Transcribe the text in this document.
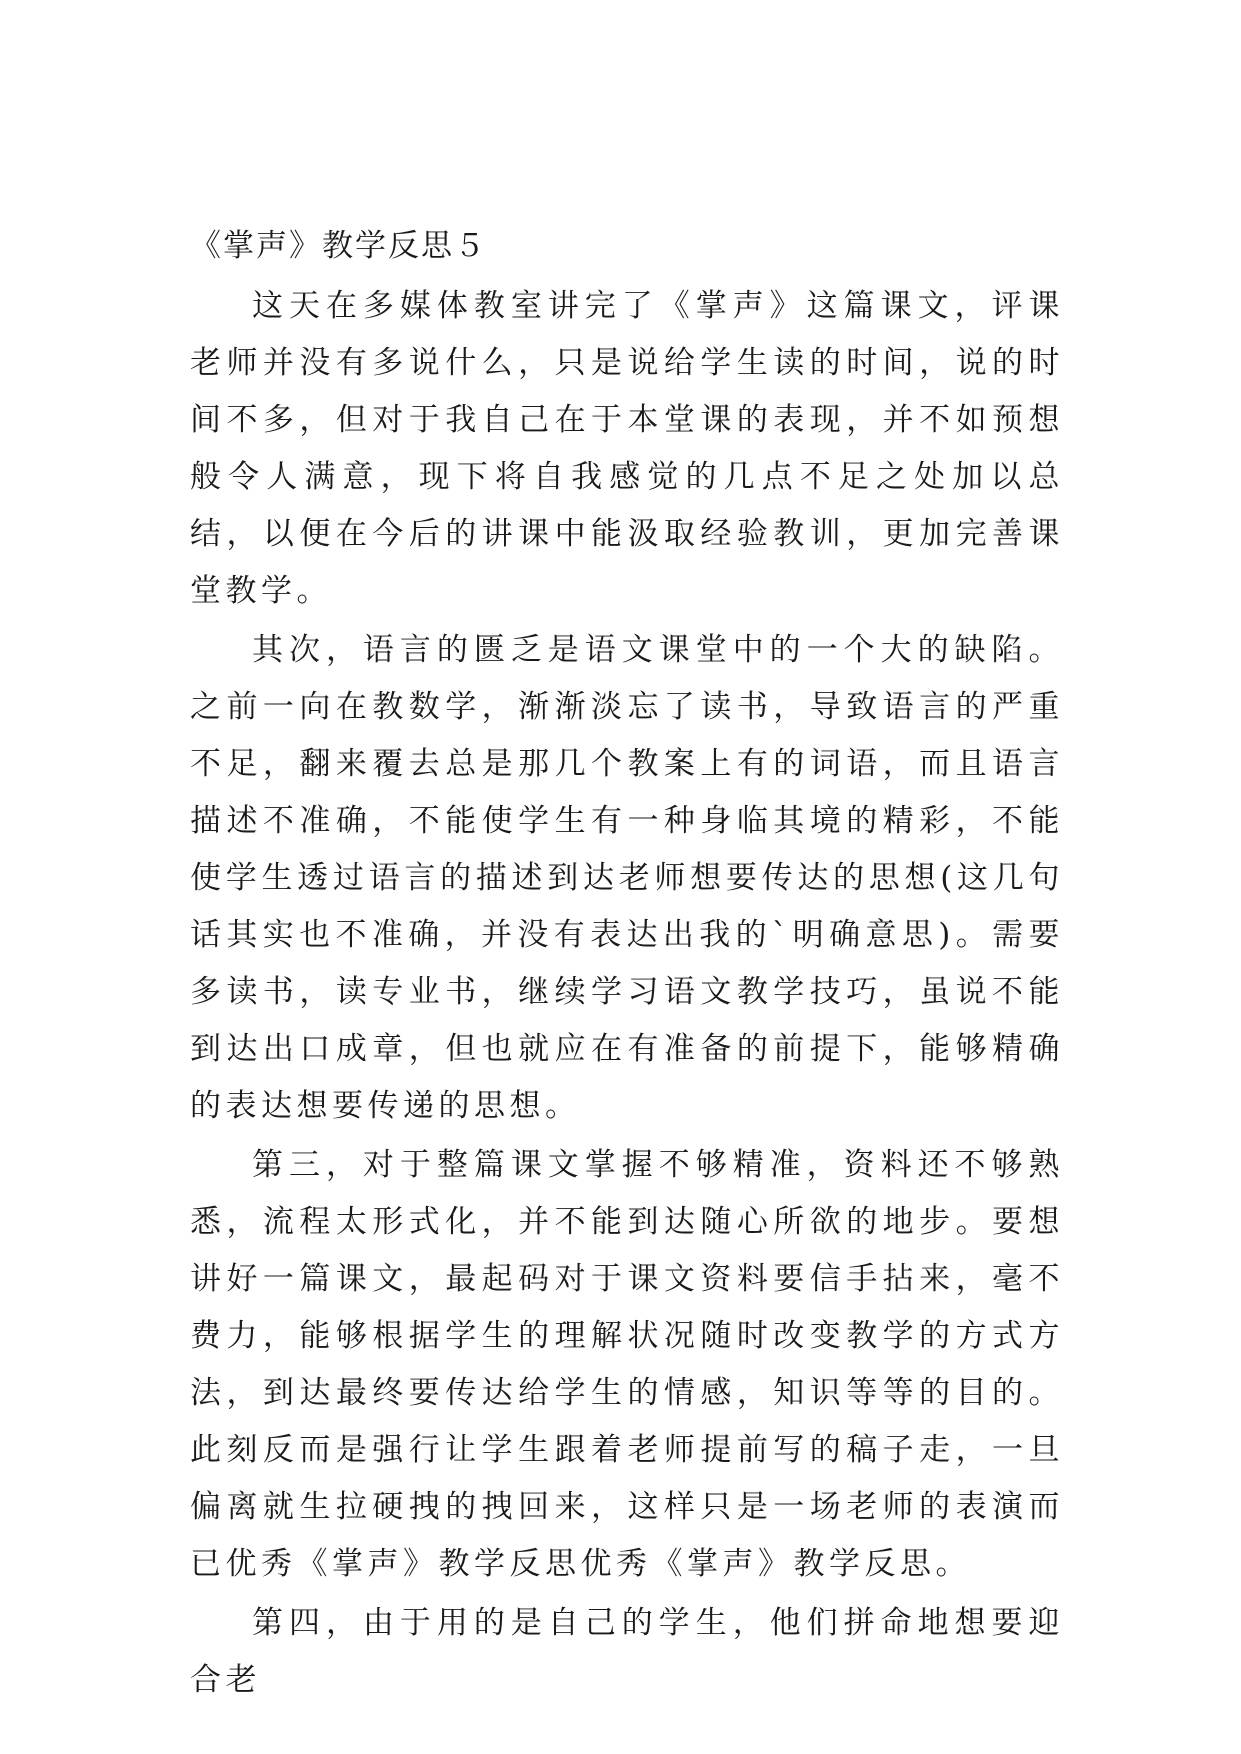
《掌声》教学反思５

这天在多媒体教室讲完了《掌声》这篇课文，评课老师并没有多说什么，只是说给学生读的时间，说的时间不多，但对于我自己在于本堂课的表现，并不如预想般令人满意，现下将自我感觉的几点不足之处加以总结，以便在今后的讲课中能汲取经验教训，更加完善课堂教学。

其次，语言的匮乏是语文课堂中的一个大的缺陷。之前一向在教数学，渐渐淡忘了读书，导致语言的严重不足，翻来覆去总是那几个教案上有的词语，而且语言描述不准确，不能使学生有一种身临其境的精彩，不能使学生透过语言的描述到达老师想要传达的思想(这几句话其实也不准确，并没有表达出我的`明确意思)。需要多读书，读专业书，继续学习语文教学技巧，虽说不能到达出口成章，但也就应在有准备的前提下，能够精确的表达想要传递的思想。

第三，对于整篇课文掌握不够精准，资料还不够熟悉，流程太形式化，并不能到达随心所欲的地步。要想讲好一篇课文，最起码对于课文资料要信手拈来，毫不费力，能够根据学生的理解状况随时改变教学的方式方法，到达最终要传达给学生的情感，知识等等的目的。此刻反而是强行让学生跟着老师提前写的稿子走，一旦偏离就生拉硬拽的拽回来，这样只是一场老师的表演而已优秀《掌声》教学反思优秀《掌声》教学反思。

第四，由于用的是自己的学生，他们拼命地想要迎合老
